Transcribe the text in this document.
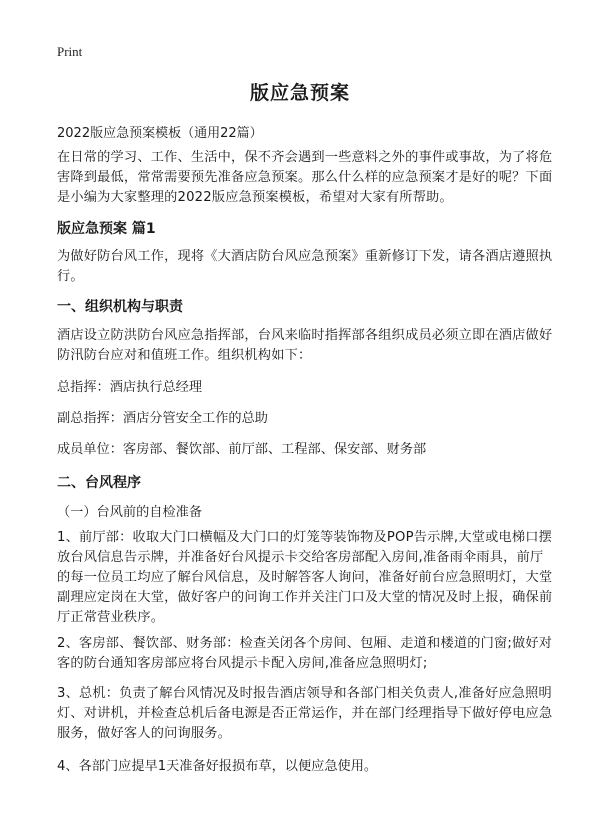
Print
版应急预案
2022版应急预案模板（通用22篇）
在日常的学习、工作、生活中，保不齐会遇到一些意料之外的事件或事故，为了将危害降到最低，常常需要预先准备应急预案。那么什么样的应急预案才是好的呢？下面是小编为大家整理的2022版应急预案模板，希望对大家有所帮助。
版应急预案 篇1
为做好防台风工作，现将《大酒店防台风应急预案》重新修订下发，请各酒店遵照执行。
一、组织机构与职责
酒店设立防洪防台风应急指挥部，台风来临时指挥部各组织成员必须立即在酒店做好防汛防台应对和值班工作。组织机构如下：
总指挥：酒店执行总经理
副总指挥：酒店分管安全工作的总助
成员单位：客房部、餐饮部、前厅部、工程部、保安部、财务部
二、台风程序
（一）台风前的自检准备
1、前厅部：收取大门口横幅及大门口的灯笼等装饰物及POP告示牌,大堂或电梯口摆放台风信息告示牌，并准备好台风提示卡交给客房部配入房间,准备雨伞雨具，前厅的每一位员工均应了解台风信息，及时解答客人询问，准备好前台应急照明灯，大堂副理应定岗在大堂，做好客户的问询工作并关注门口及大堂的情况及时上报，确保前厅正常营业秩序。
2、客房部、餐饮部、财务部：检查关闭各个房间、包厢、走道和楼道的门窗;做好对客的防台通知客房部应将台风提示卡配入房间,准备应急照明灯;
3、总机：负责了解台风情况及时报告酒店领导和各部门相关负责人,准备好应急照明灯、对讲机，并检查总机后备电源是否正常运作，并在部门经理指导下做好停电应急服务，做好客人的问询服务。
4、各部门应提早1天准备好报损布草，以便应急使用。
